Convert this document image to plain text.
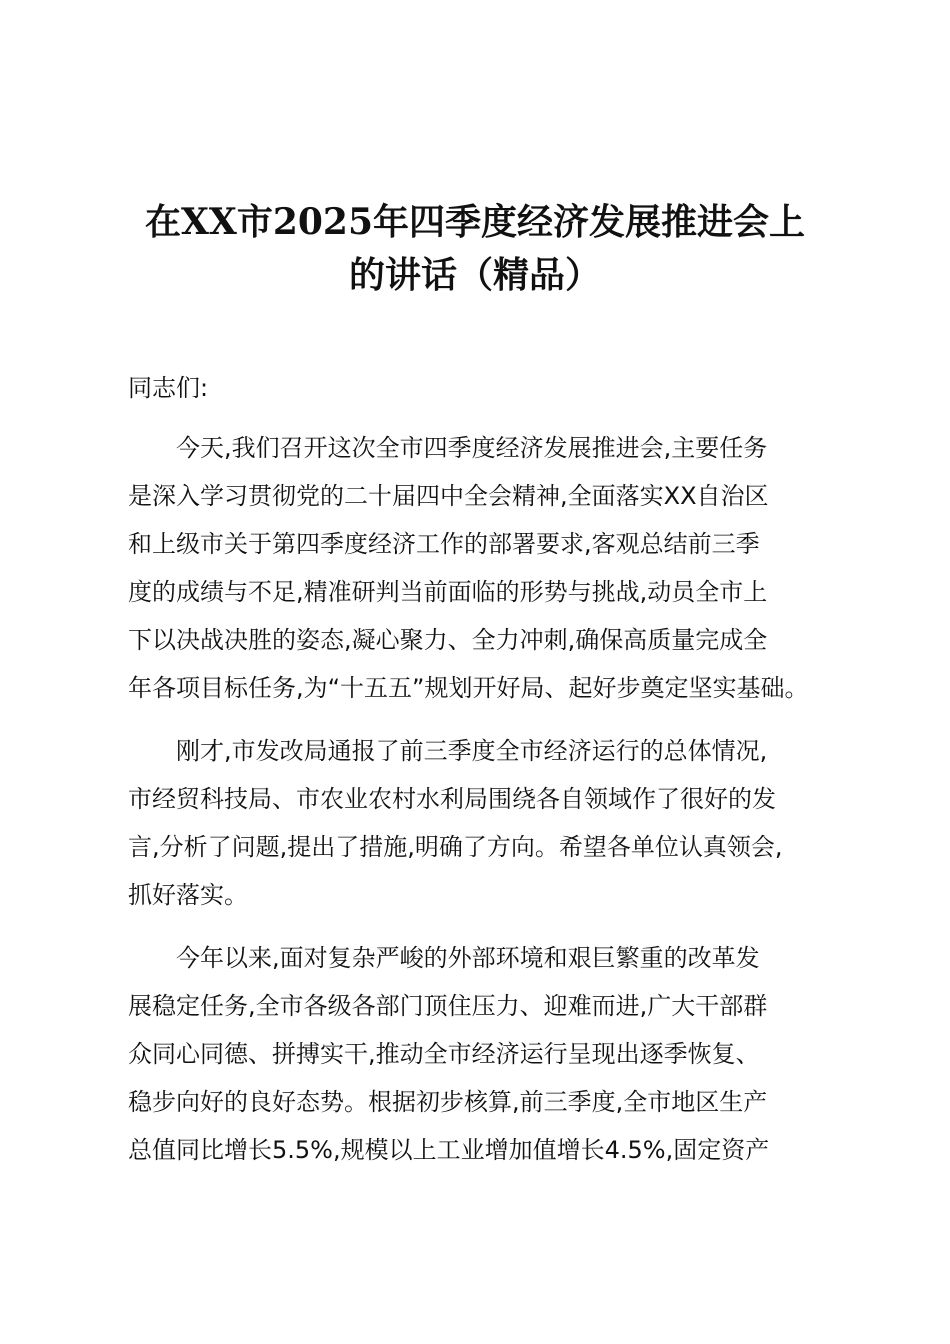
在XX市2025年四季度经济发展推进会上
的讲话（精品）

同志们:

今天,我们召开这次全市四季度经济发展推进会,主要任务
是深入学习贯彻党的二十届四中全会精神,全面落实XX自治区
和上级市关于第四季度经济工作的部署要求,客观总结前三季
度的成绩与不足,精准研判当前面临的形势与挑战,动员全市上
下以决战决胜的姿态,凝心聚力、全力冲刺,确保高质量完成全
年各项目标任务,为“十五五”规划开好局、起好步奠定坚实基础。

刚才,市发改局通报了前三季度全市经济运行的总体情况,
市经贸科技局、市农业农村水利局围绕各自领域作了很好的发
言,分析了问题,提出了措施,明确了方向。希望各单位认真领会,
抓好落实。

今年以来,面对复杂严峻的外部环境和艰巨繁重的改革发
展稳定任务,全市各级各部门顶住压力、迎难而进,广大干部群
众同心同德、拼搏实干,推动全市经济运行呈现出逐季恢复、
稳步向好的良好态势。根据初步核算,前三季度,全市地区生产
总值同比增长5.5%,规模以上工业增加值增长4.5%,固定资产
